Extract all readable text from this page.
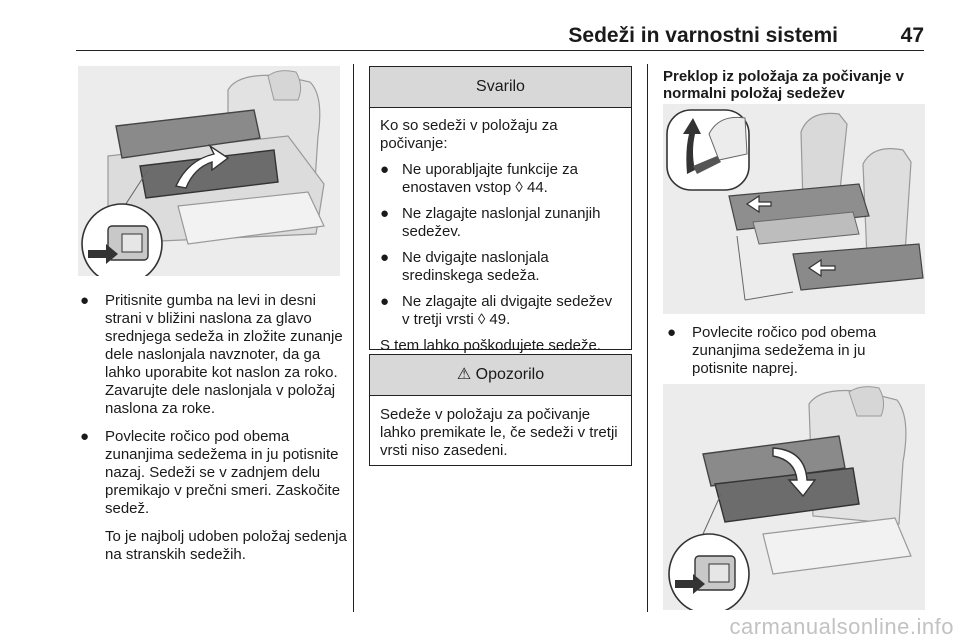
Sedeži in varnostni sistemi	47
● Pritisnite gumba na levi in desni strani v bližini naslona za glavo srednjega sedeža in zložite zunanje dele naslonjala navznoter, da ga lahko uporabite kot naslon za roko. Zavarujte dele naslonjala v položaj naslona za roke.
● Povlecite ročico pod obema zunanjima sedežema in ju potisnite nazaj. Sedeži se v zadnjem delu premikajo v prečni smeri. Zaskočite sedež.
To je najbolj udoben položaj sedenja na stranskih sedežih.
Svarilo
Ko so sedeži v položaju za počivanje:
● Ne uporabljajte funkcije za enostaven vstop ◊ 44.
● Ne zlagajte naslonjal zunanjih sedežev.
● Ne dvigajte naslonjala sredinskega sedeža.
● Ne zlagajte ali dvigajte sedežev v tretji vrsti ◊ 49.
S tem lahko poškodujete sedeže.
⚠ Opozorilo
Sedeže v položaju za počivanje lahko premikate le, če sedeži v tretji vrsti niso zasedeni.
Preklop iz položaja za počivanje v normalni položaj sedežev
● Povlecite ročico pod obema zunanjima sedežema in ju potisnite naprej.
carmanualsonline.info
